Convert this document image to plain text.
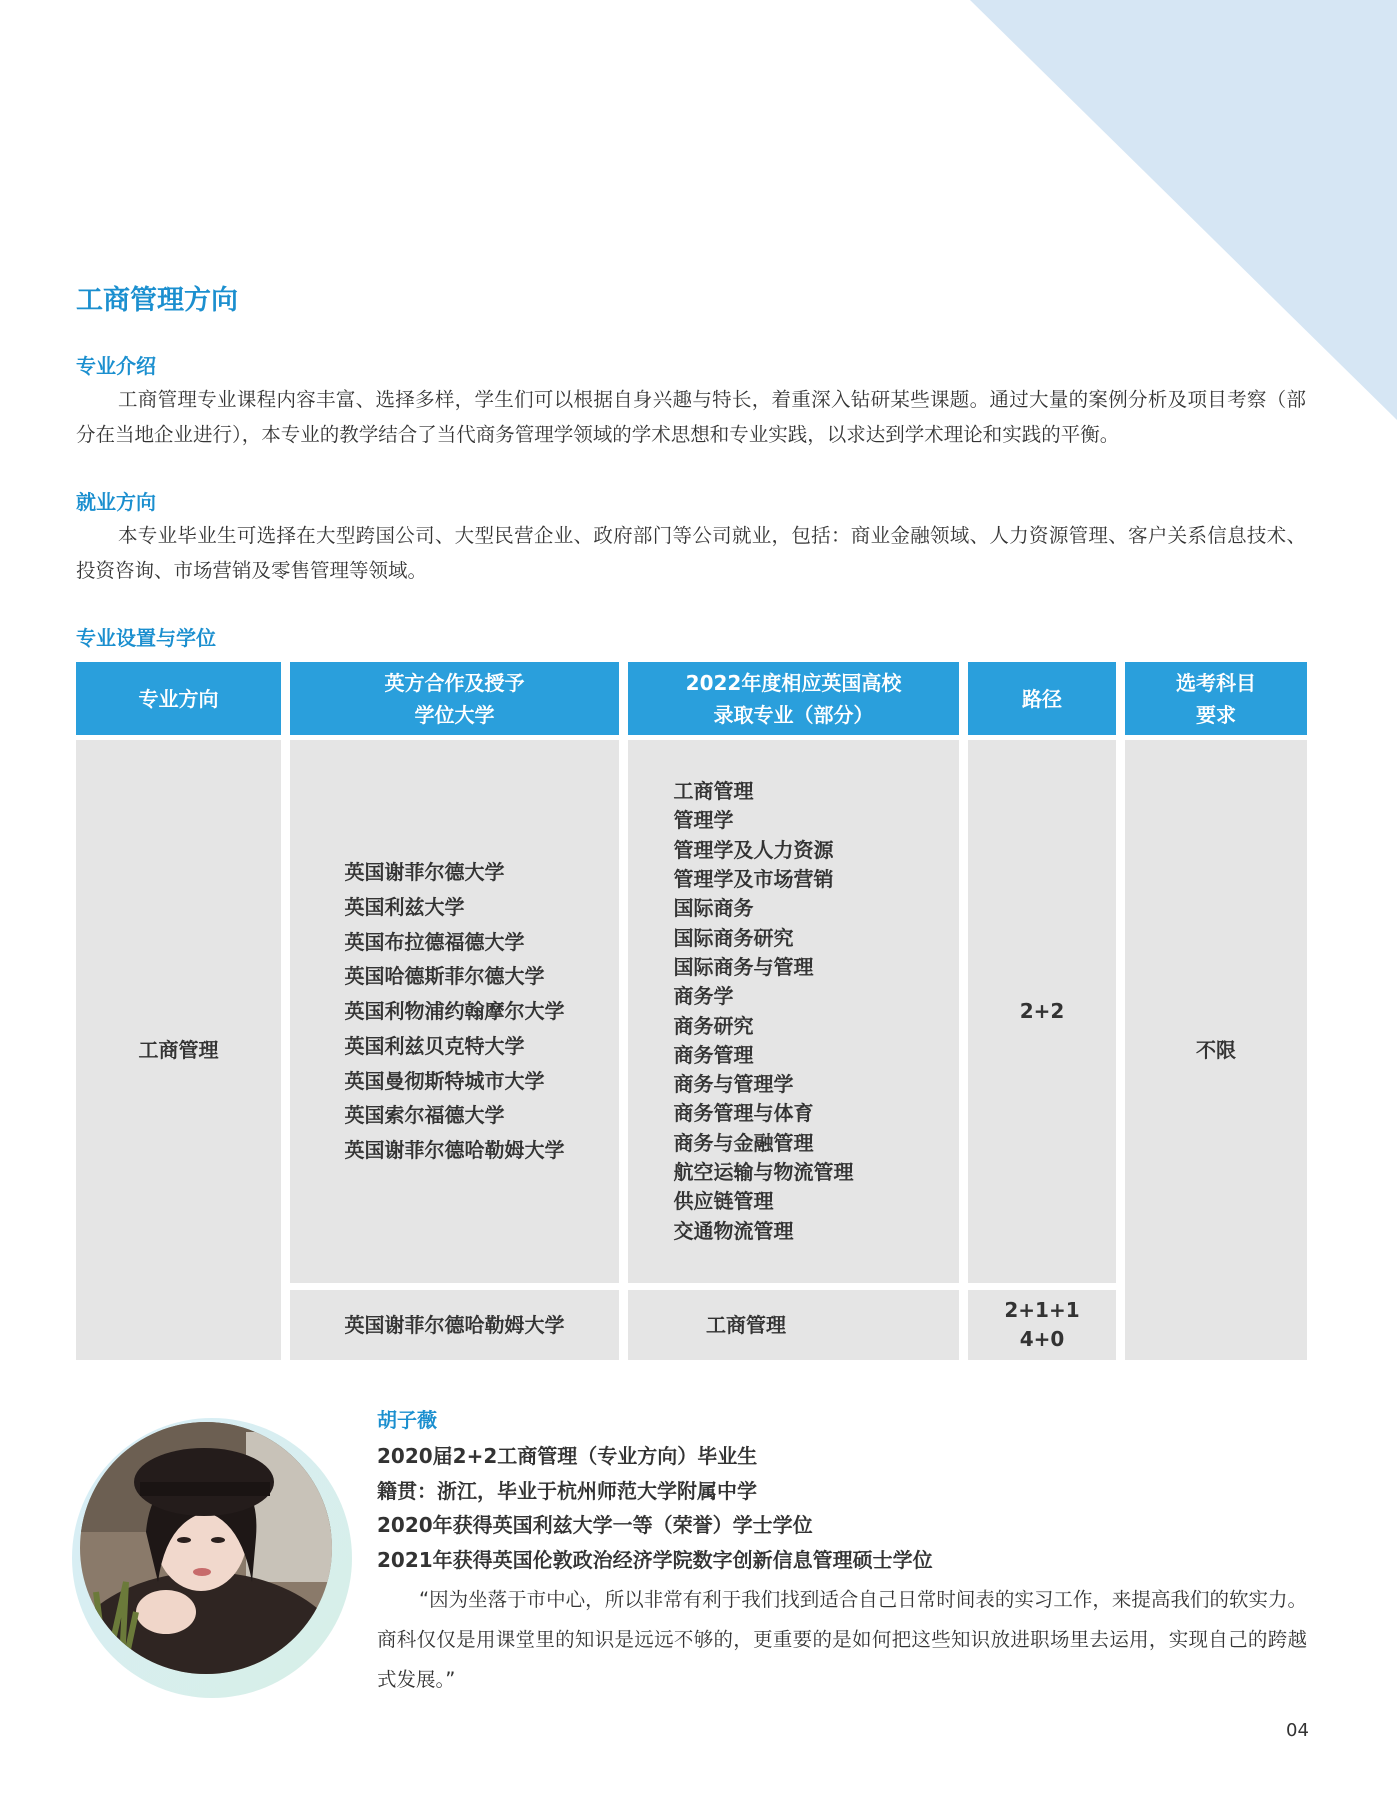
工商管理方向
专业介绍
工商管理专业课程内容丰富、选择多样，学生们可以根据自身兴趣与特长，着重深入钻研某些课题。通过大量的案例分析及项目考察（部分在当地企业进行），本专业的教学结合了当代商务管理学领域的学术思想和专业实践，以求达到学术理论和实践的平衡。
就业方向
本专业毕业生可选择在大型跨国公司、大型民营企业、政府部门等公司就业，包括：商业金融领域、人力资源管理、客户关系信息技术、投资咨询、市场营销及零售管理等领域。
专业设置与学位
专业方向
英方合作及授予
学位大学
2022年度相应英国高校
录取专业（部分）
路径
选考科目
要求
工商管理
英国谢菲尔德大学
英国利兹大学
英国布拉德福德大学
英国哈德斯菲尔德大学
英国利物浦约翰摩尔大学
英国利兹贝克特大学
英国曼彻斯特城市大学
英国索尔福德大学
英国谢菲尔德哈勒姆大学
工商管理
管理学
管理学及人力资源
管理学及市场营销
国际商务
国际商务研究
国际商务与管理
商务学
商务研究
商务管理
商务与管理学
商务管理与体育
商务与金融管理
航空运输与物流管理
供应链管理
交通物流管理
2+2
不限
英国谢菲尔德哈勒姆大学	工商管理
2+1+1
4+0
胡子薇
2020届2+2工商管理（专业方向）毕业生
籍贯：浙江，毕业于杭州师范大学附属中学
2020年获得英国利兹大学一等（荣誉）学士学位
2021年获得英国伦敦政治经济学院数字创新信息管理硕士学位
“因为坐落于市中心，所以非常有利于我们找到适合自己日常时间表的实习工作，来提高我们的软实力。商科仅仅是用课堂里的知识是远远不够的，更重要的是如何把这些知识放进职场里去运用，实现自己的跨越式发展。”
04
